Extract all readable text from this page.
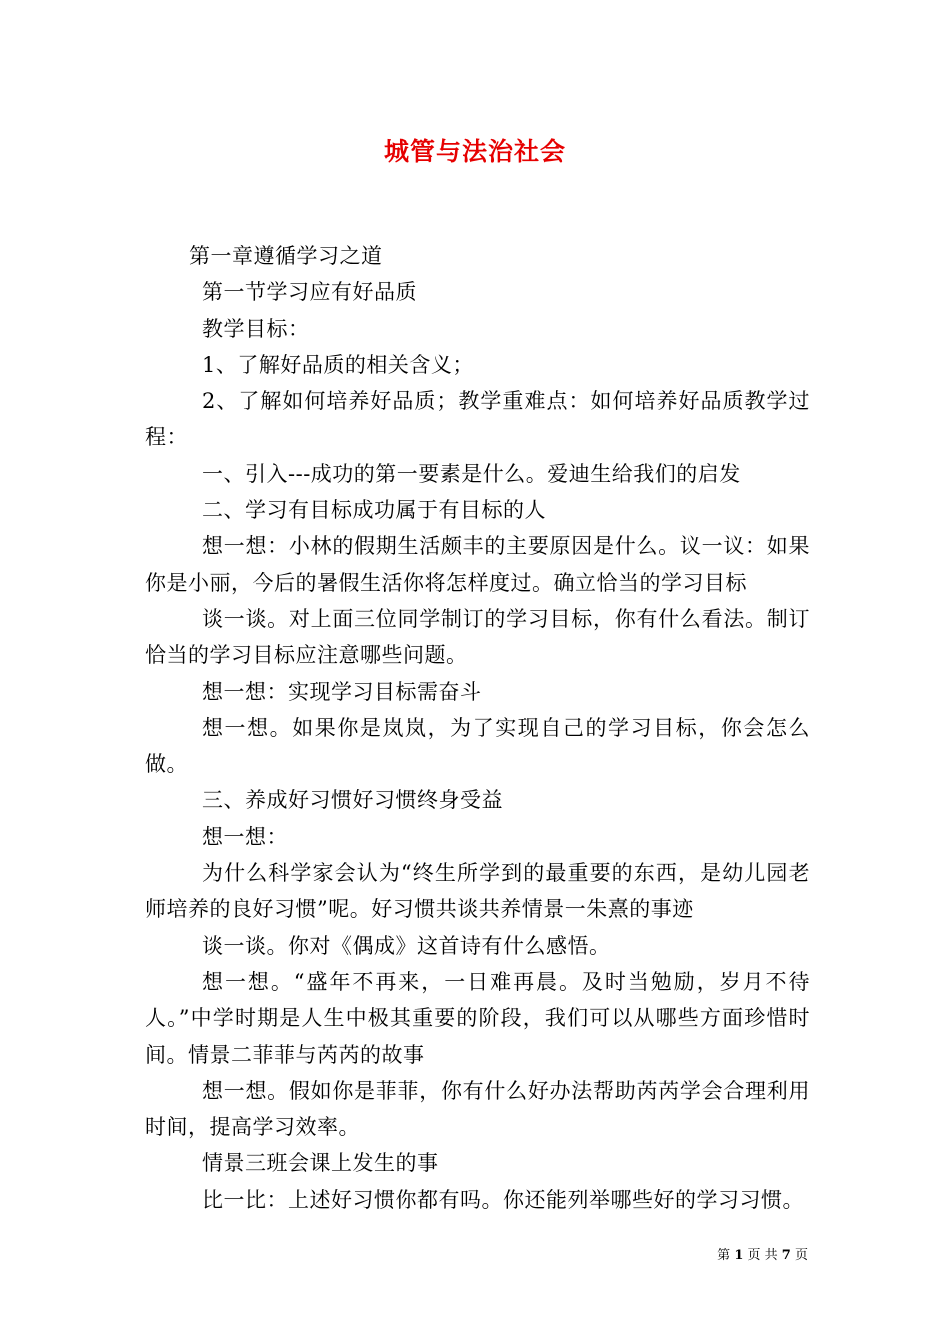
城管与法治社会

第一章遵循学习之道

第一节学习应有好品质

教学目标：

1、了解好品质的相关含义；

2、了解如何培养好品质；教学重难点：如何培养好品质教学过程：

一、引入---成功的第一要素是什么。爱迪生给我们的启发

二、学习有目标成功属于有目标的人

想一想：小林的假期生活颇丰的主要原因是什么。议一议：如果你是小丽，今后的暑假生活你将怎样度过。确立恰当的学习目标

谈一谈。对上面三位同学制订的学习目标，你有什么看法。制订恰当的学习目标应注意哪些问题。

想一想：实现学习目标需奋斗

想一想。如果你是岚岚，为了实现自己的学习目标，你会怎么做。

三、养成好习惯好习惯终身受益

想一想：

为什么科学家会认为“终生所学到的最重要的东西，是幼儿园老师培养的良好习惯”呢。好习惯共谈共养情景一朱熹的事迹

谈一谈。你对《偶成》这首诗有什么感悟。

想一想。“盛年不再来，一日难再晨。及时当勉励，岁月不待人。”中学时期是人生中极其重要的阶段，我们可以从哪些方面珍惜时间。情景二菲菲与芮芮的故事

想一想。假如你是菲菲，你有什么好办法帮助芮芮学会合理利用时间，提高学习效率。

情景三班会课上发生的事

比一比：上述好习惯你都有吗。你还能列举哪些好的学习习惯。

第 1 页 共 7 页
